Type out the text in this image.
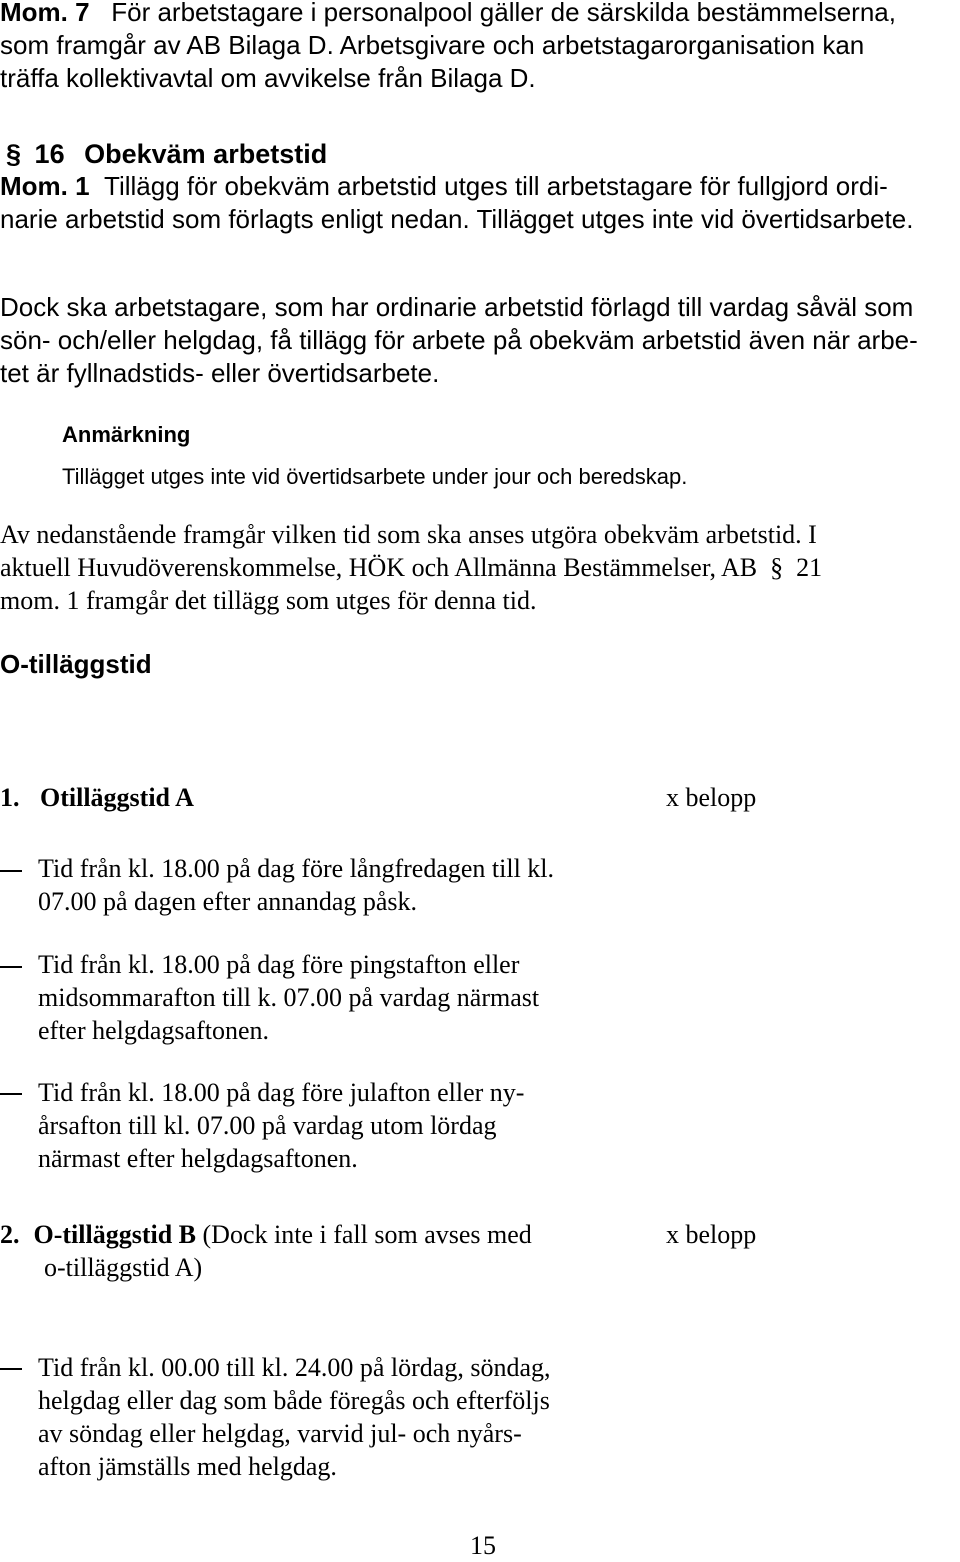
Mom. 7 För arbetstagare i personalpool gäller de särskilda bestämmelserna,
som framgår av AB Bilaga D. Arbetsgivare och arbetstagarorganisation kan
träffa kollektivavtal om avvikelse från Bilaga D.
§ 16 Obekväm arbetstid
Mom. 1 Tillägg för obekväm arbetstid utges till arbetstagare för fullgjord ordi-
narie arbetstid som förlagts enligt nedan. Tillägget utges inte vid övertidsarbete.
Dock ska arbetstagare, som har ordinarie arbetstid förlagd till vardag såväl som
sön- och/eller helgdag, få tillägg för arbete på obekväm arbetstid även när arbe-
tet är fyllnadstids- eller övertidsarbete.
Anmärkning
Tillägget utges inte vid övertidsarbete under jour och beredskap.
Av nedanstående framgår vilken tid som ska anses utgöra obekväm arbetstid. I
aktuell Huvudöverenskommelse, HÖK och Allmänna Bestämmelser, AB § 21
mom. 1 framgår det tillägg som utges för denna tid.
O-tilläggstid
1. Otilläggstid A	x belopp
Tid från kl. 18.00 på dag före långfredagen till kl.
07.00 på dagen efter annandag påsk.
Tid från kl. 18.00 på dag före pingstafton eller
midsommarafton till k. 07.00 på vardag närmast
efter helgdagsaftonen.
Tid från kl. 18.00 på dag före julafton eller ny-
årsafton till kl. 07.00 på vardag utom lördag
närmast efter helgdagsaftonen.
2. O-tilläggstid B (Dock inte i fall som avses med
o-tilläggstid A)
x belopp
Tid från kl. 00.00 till kl. 24.00 på lördag, söndag,
helgdag eller dag som både föregås och efterföljs
av söndag eller helgdag, varvid jul- och nyårs-
afton jämställs med helgdag.
15
